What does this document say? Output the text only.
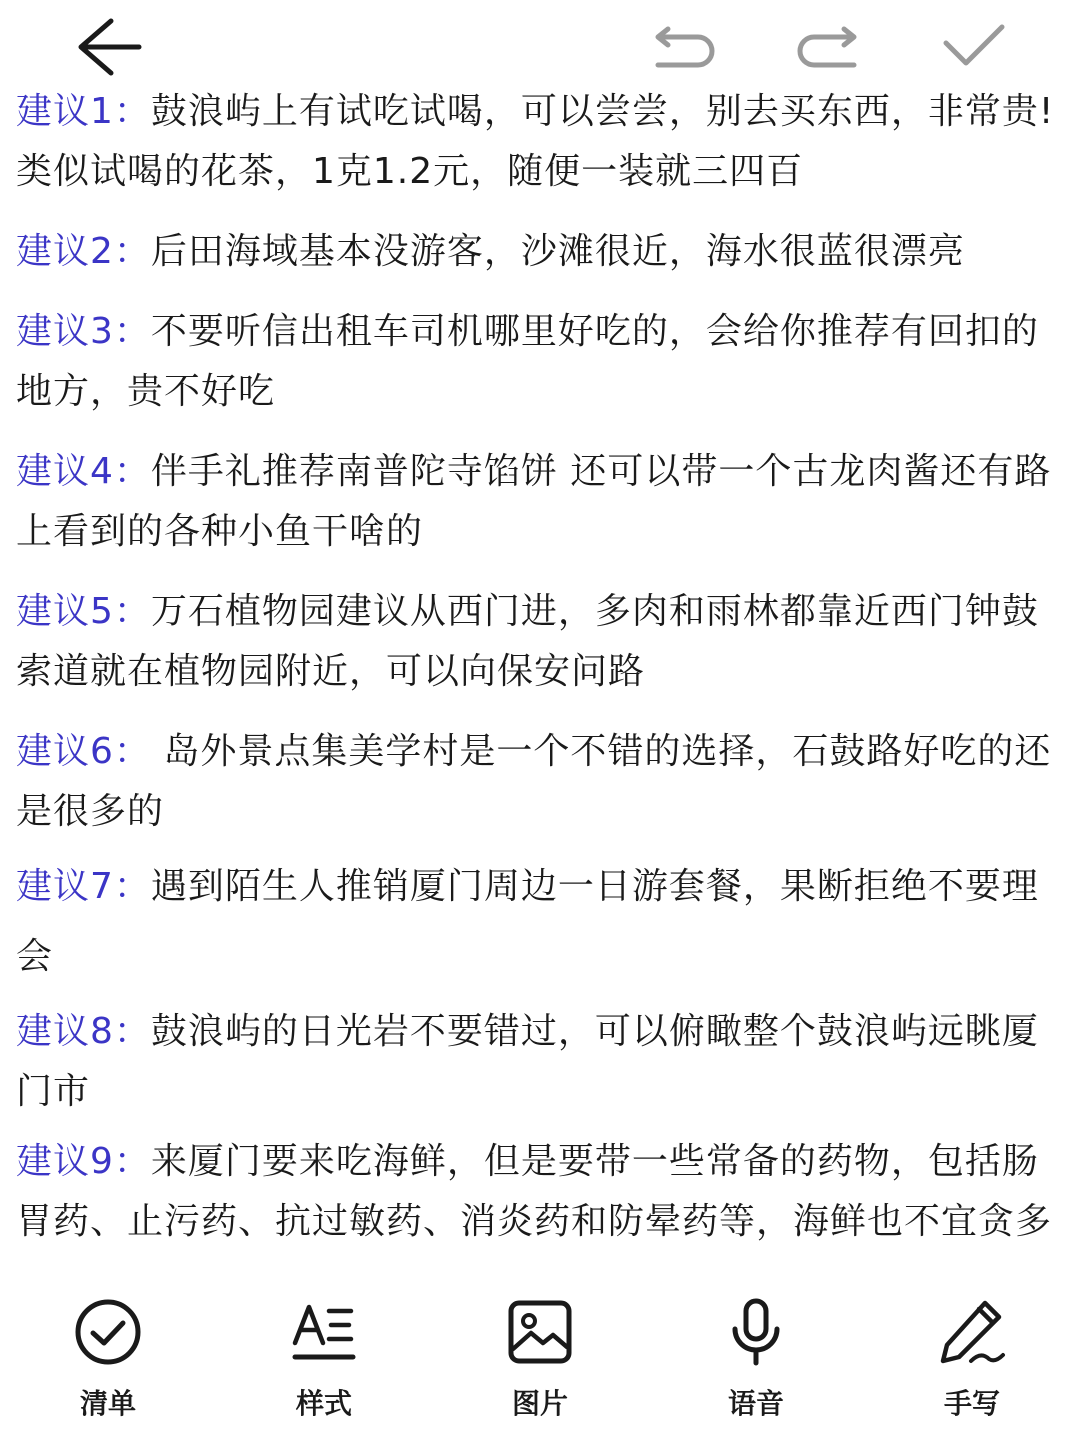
建议1：鼓浪屿上有试吃试喝，可以尝尝，别去买东西，非常贵!类似试喝的花茶，1克1.2元，随便一装就三四百

建议2：后田海域基本没游客，沙滩很近，海水很蓝很漂亮

建议3：不要听信出租车司机哪里好吃的，会给你推荐有回扣的地方，贵不好吃

建议4：伴手礼推荐南普陀寺馅饼 还可以带一个古龙肉酱还有路上看到的各种小鱼干啥的

建议5：万石植物园建议从西门进，多肉和雨林都靠近西门钟鼓索道就在植物园附近，可以向保安问路

建议6： 岛外景点集美学村是一个不错的选择，石鼓路好吃的还是很多的

建议7：遇到陌生人推销厦门周边一日游套餐，果断拒绝不要理会

建议8：鼓浪屿的日光岩不要错过，可以俯瞰整个鼓浪屿远眺厦门市

建议9：来厦门要来吃海鲜，但是要带一些常备的药物，包括肠胃药、止污药、抗过敏药、消炎药和防晕药等，海鲜也不宜贪多

清单	样式	图片	语音	手写
